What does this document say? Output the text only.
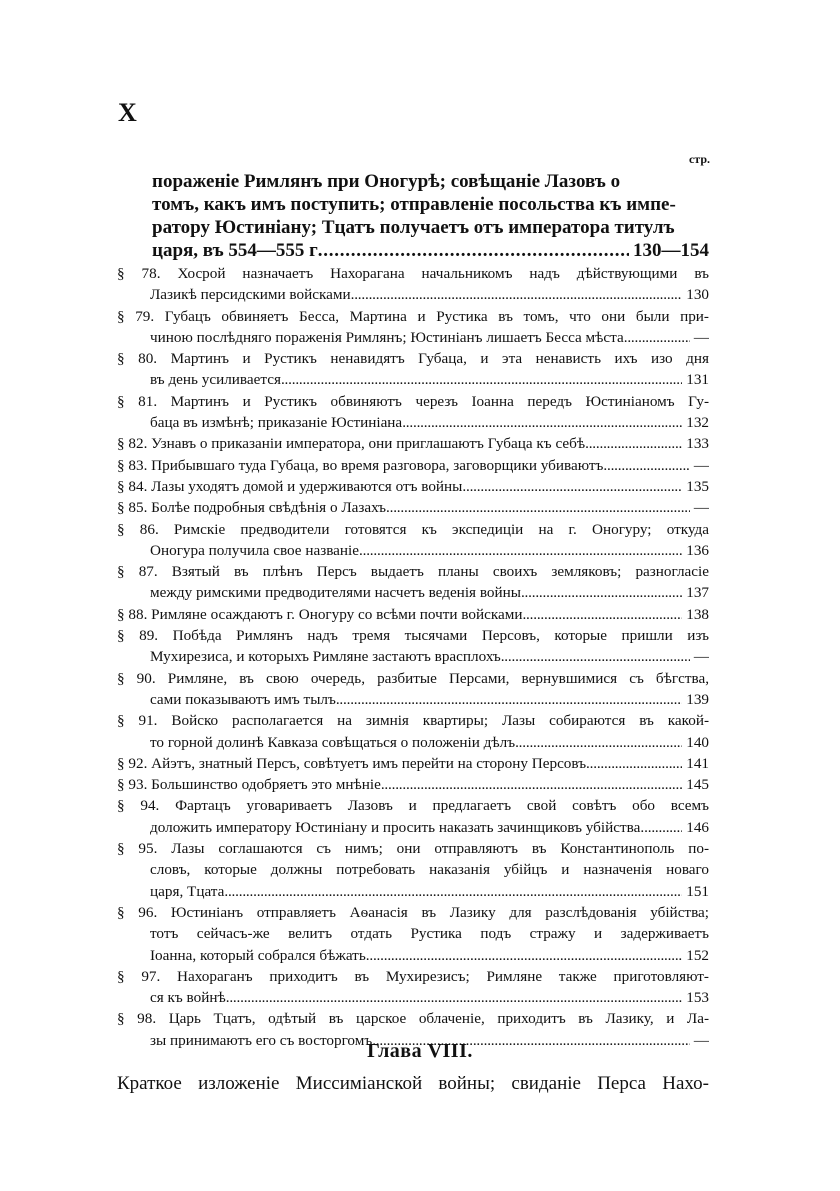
X
стр.
пораженіе Римлянъ при Оногурѣ; совѣщаніе Лазовъ о
томъ, какъ имъ поступить; отправленіе посольства къ импе-
ратору Юстиніану; Тцатъ получаетъ отъ императора титулъ
царя, въ 554—555 г . . .	130—154
§ 78. Хосрой назначаетъ Нахорагана начальникомъ надъ дѣйствующими въ
Лазикѣ персидскими войсками . . .	130
§ 79. Губацъ обвиняетъ Бесса, Мартина и Рустика въ томъ, что они были при-
чиною послѣдняго пораженія Римлянъ; Юстиніанъ лишаетъ Бесса мѣста . . .	—
§ 80. Мартинъ и Рустикъ ненавидятъ Губаца, и эта ненависть ихъ изо дня
въ день усиливается . . .	131
§ 81. Мартинъ и Рустикъ обвиняютъ черезъ Іоанна передъ Юстиніаномъ Гу-
баца въ измѣнѣ; приказаніе Юстиніана . . .	132
§ 82. Узнавъ о приказаніи императора, они приглашаютъ Губаца къ себѣ . . .	133
§ 83. Прибывшаго туда Губаца, во время разговора, заговорщики убиваютъ . . .	—
§ 84. Лазы уходятъ домой и удерживаются отъ войны . . .	135
§ 85. Болѣе подробныя свѣдѣнія о Лазахъ . . .	—
§ 86. Римскіе предводители готовятся къ экспедиціи на г. Оногуру; откуда
Оногура получила свое названіе . . .	136
§ 87. Взятый въ плѣнъ Персъ выдаетъ планы своихъ земляковъ; разногласіе
между римскими предводителями насчетъ веденія войны . . .	137
§ 88. Римляне осаждаютъ г. Оногуру со всѣми почти войсками . . .	138
§ 89. Побѣда Римлянъ надъ тремя тысячами Персовъ, которые пришли изъ
Мухирезиса, и которыхъ Римляне застаютъ врасплохъ . . .	—
§ 90. Римляне, въ свою очередь, разбитые Персами, вернувшимися съ бѣгства,
сами показываютъ имъ тылъ . . .	139
§ 91. Войско располагается на зимнія квартиры; Лазы собираются въ какой-
то горной долинѣ Кавказа совѣщаться о положеніи дѣлъ . . .	140
§ 92. Айэтъ, знатный Персъ, совѣтуетъ имъ перейти на сторону Персовъ . . .	141
§ 93. Большинство одобряетъ это мнѣніе . . .	145
§ 94. Фартацъ уговариваетъ Лазовъ и предлагаетъ свой совѣтъ обо всемъ
доложить императору Юстиніану и просить наказать зачинщиковъ убійства. . . .	146
§ 95. Лазы соглашаются съ нимъ; они отправляютъ въ Константинополь по-
словъ, которые должны потребовать наказанія убійцъ и назначенія новаго
царя, Тцата . . .	151
§ 96. Юстиніанъ отправляетъ Аѳанасія въ Лазику для разслѣдованія убійства;
тотъ сейчасъ-же велитъ отдать Рустика подъ стражу и задерживаетъ
Іоанна, который собрался бѣжать . . .	152
§ 97. Нахораганъ приходитъ въ Мухирезисъ; Римляне также приготовляют-
ся къ войнѣ . . .	153
§ 98. Царь Тцатъ, одѣтый въ царское облаченіе, приходитъ въ Лазику, и Ла-
зы принимаютъ его съ восторгомъ . . .	—
Глава VIII.
Краткое изложеніе Миссиміанской войны; свиданіе Перса Нахо-
